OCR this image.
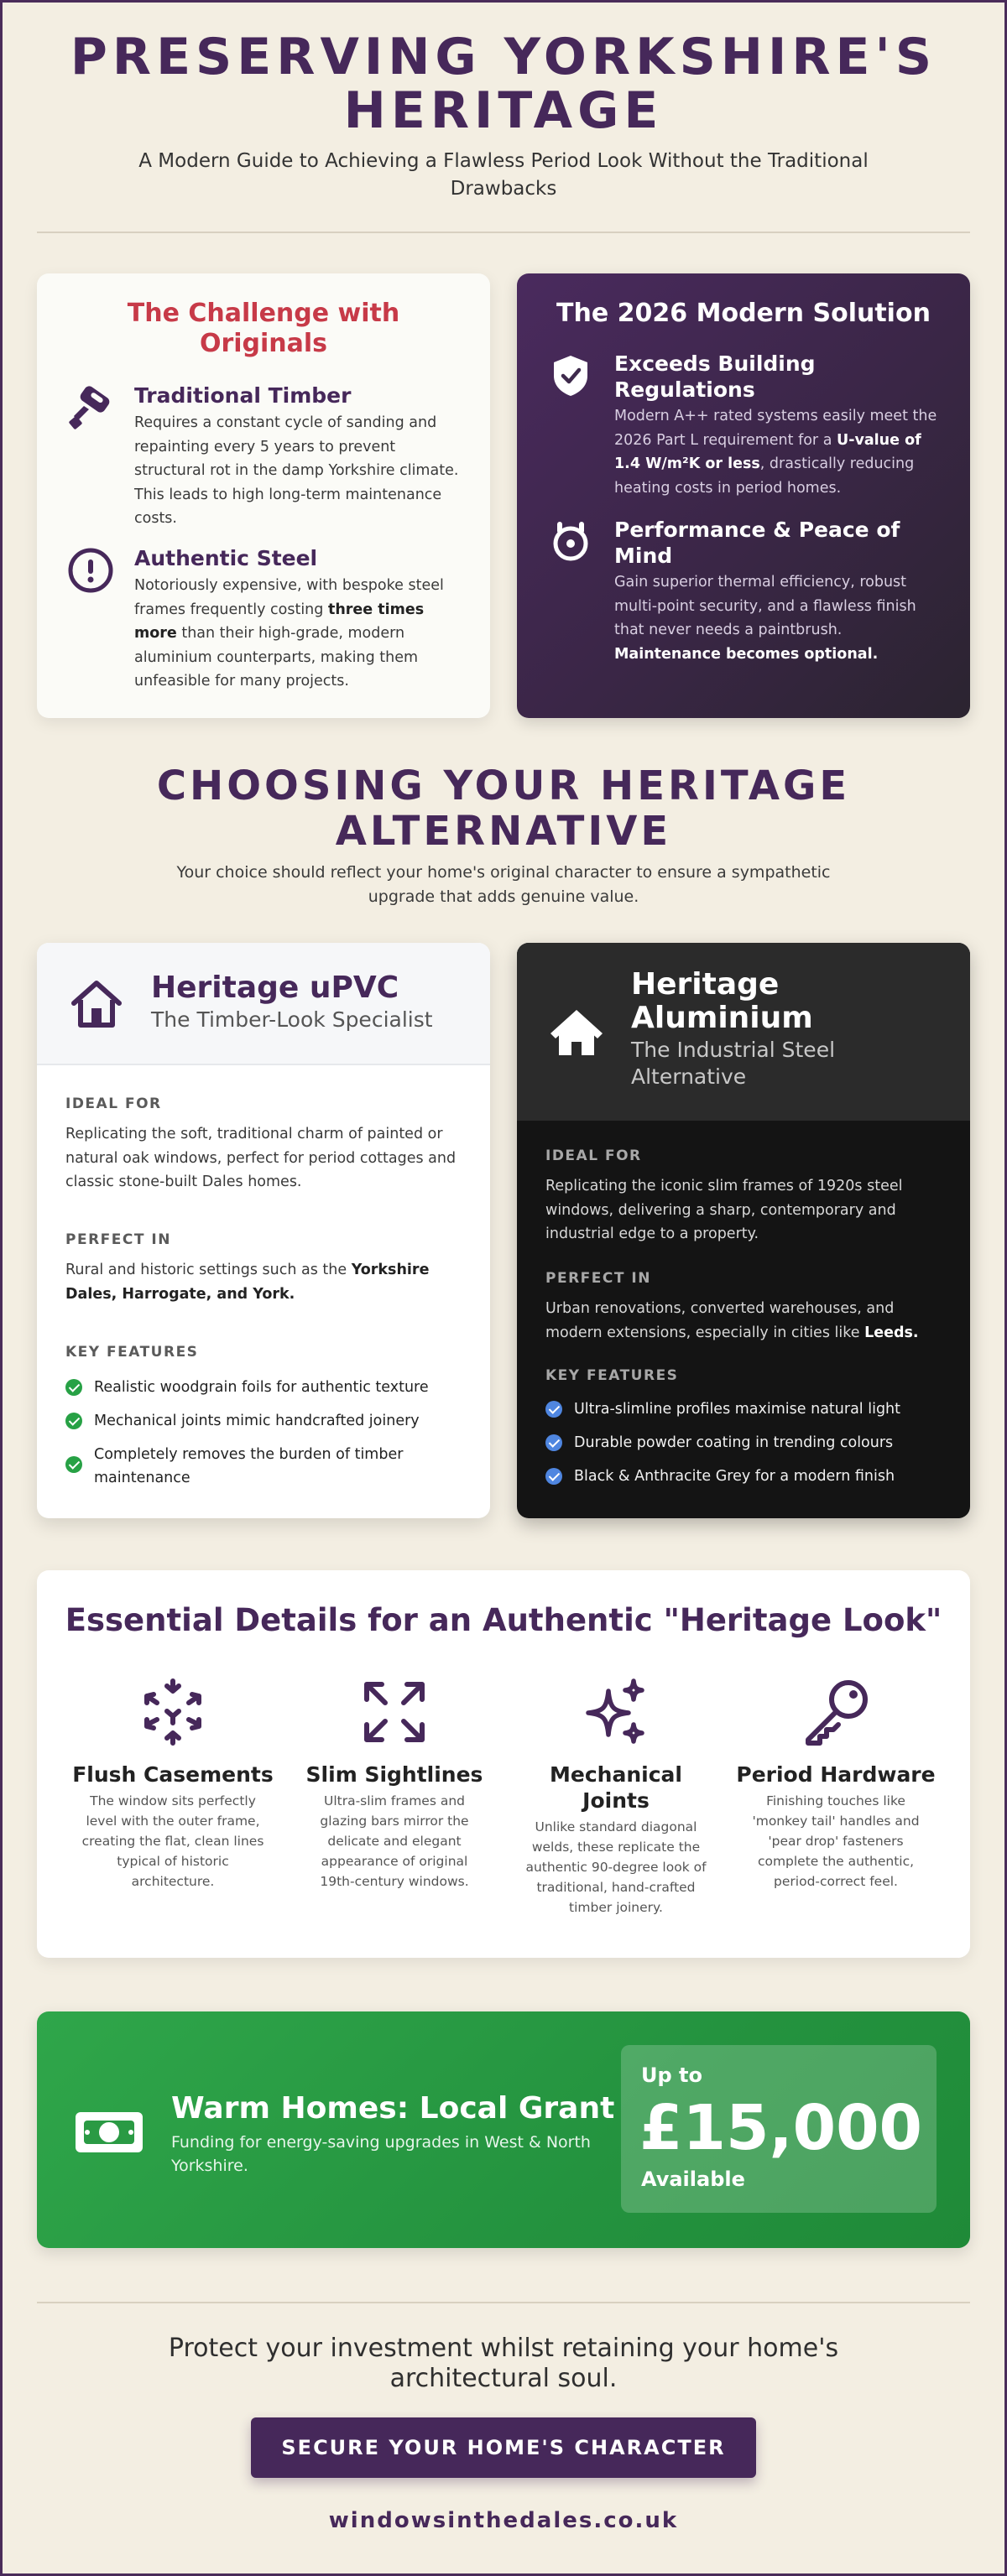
PRESERVING YORKSHIRE'S
HERITAGE
A Modern Guide to Achieving a Flawless Period Look Without the Traditional Drawbacks
The Challenge with Originals
Traditional Timber

Requires a constant cycle of sanding and repainting every 5 years to prevent structural rot in the damp Yorkshire climate. This leads to high long-term maintenance costs.

Authentic Steel

Notoriously expensive, with bespoke steel frames frequently costing three times more than their high-grade, modern aluminium counterparts, making them unfeasible for many projects.

The 2026 Modern Solution
Exceeds Building Regulations

Modern A++ rated systems easily meet the 2026 Part L requirement for a U-value of 1.4 W/m²K or less, drastically reducing heating costs in period homes.

Performance & Peace of Mind

Gain superior thermal efficiency, robust multi-point security, and a flawless finish that never needs a paintbrush. Maintenance becomes optional.

CHOOSING YOUR HERITAGE
ALTERNATIVE
Your choice should reflect your home's original character to ensure a sympathetic upgrade that adds genuine value.
Heritage uPVC
The Timber-Look Specialist
IDEAL FOR
Replicating the soft, traditional charm of painted or natural oak windows, perfect for period cottages and classic stone-built Dales homes.
PERFECT IN
Rural and historic settings such as the Yorkshire Dales, Harrogate, and York.
KEY FEATURES
Realistic woodgrain foils for authentic texture
Mechanical joints mimic handcrafted joinery
Completely removes the burden of timber maintenance
Heritage Aluminium
The Industrial Steel Alternative
IDEAL FOR
Replicating the iconic slim frames of 1920s steel windows, delivering a sharp, contemporary and industrial edge to a property.
PERFECT IN
Urban renovations, converted warehouses, and modern extensions, especially in cities like Leeds.
KEY FEATURES
Ultra-slimline profiles maximise natural light
Durable powder coating in trending colours
Black & Anthracite Grey for a modern finish
Essential Details for an Authentic "Heritage Look"
Flush Casements

The window sits perfectly level with the outer frame, creating the flat, clean lines typical of historic architecture.

Slim Sightlines

Ultra-slim frames and glazing bars mirror the delicate and elegant appearance of original 19th-century windows.

Mechanical Joints

Unlike standard diagonal welds, these replicate the authentic 90-degree look of traditional, hand-crafted timber joinery.

Period Hardware

Finishing touches like 'monkey tail' handles and 'pear drop' fasteners complete the authentic, period-correct feel.

Warm Homes: Local Grant

Funding for energy-saving upgrades in West & North Yorkshire.

Up to
£15,000
Available
Protect your investment whilst retaining your home's architectural soul.
SECURE YOUR HOME'S CHARACTER
windowsinthedales.co.uk
